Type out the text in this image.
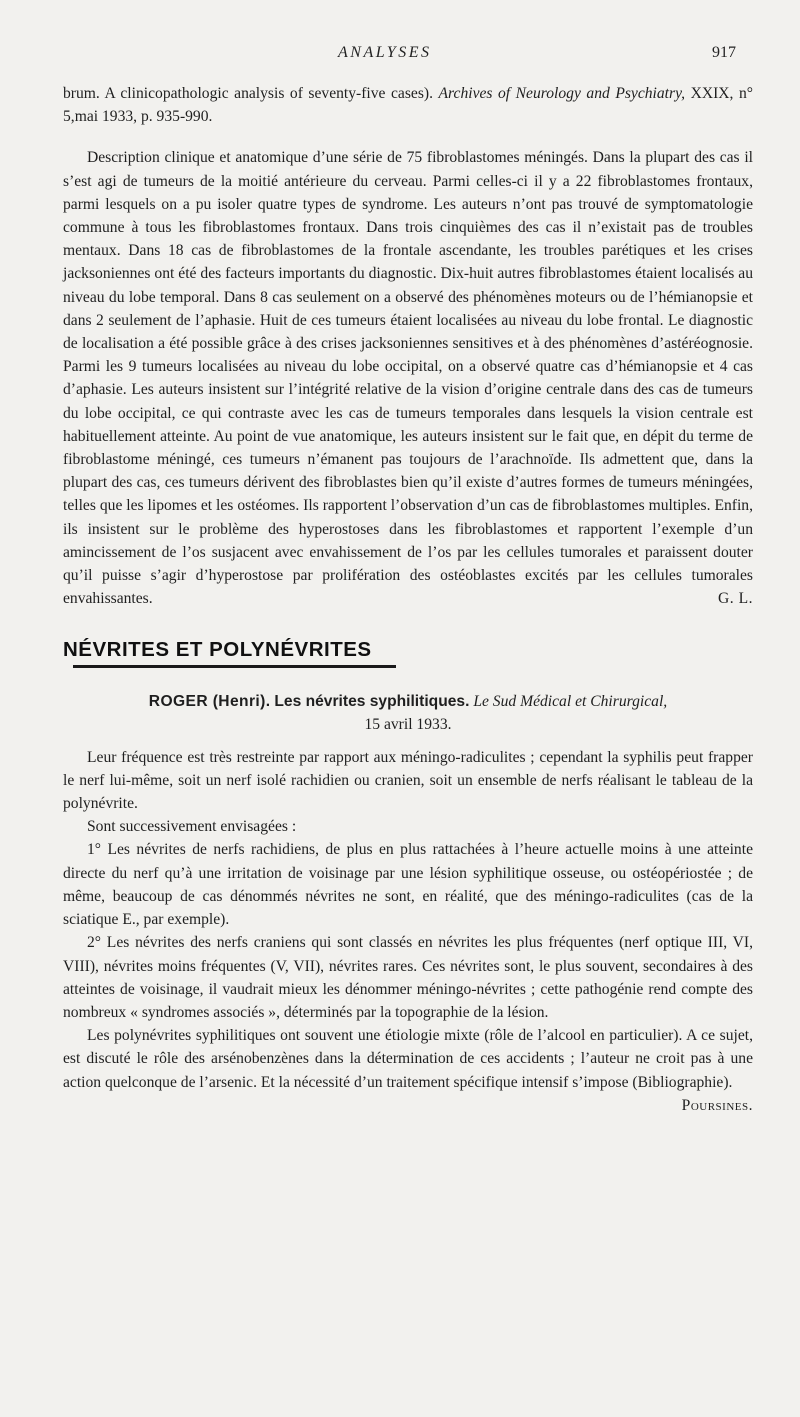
ANALYSES	917

brum. A clinicopathologic analysis of seventy-five cases). Archives of Neurology and Psychiatry, XXIX, n° 5,mai 1933, p. 935-990.

Description clinique et anatomique d’une série de 75 fibroblastomes méningés. Dans la plupart des cas il s’est agi de tumeurs de la moitié antérieure du cerveau. Parmi celles-ci il y a 22 fibroblastomes frontaux, parmi lesquels on a pu isoler quatre types de syndrome. Les auteurs n’ont pas trouvé de symptomatologie commune à tous les fibroblastomes frontaux. Dans trois cinquièmes des cas il n’existait pas de troubles mentaux. Dans 18 cas de fibroblastomes de la frontale ascendante, les troubles parétiques et les crises jacksoniennes ont été des facteurs importants du diagnostic. Dix-huit autres fibroblastomes étaient localisés au niveau du lobe temporal. Dans 8 cas seulement on a observé des phénomènes moteurs ou de l’hémianopsie et dans 2 seulement de l’aphasie. Huit de ces tumeurs étaient localisées au niveau du lobe frontal. Le diagnostic de localisation a été possible grâce à des crises jacksoniennes sensitives et à des phénomènes d’astéréognosie. Parmi les 9 tumeurs localisées au niveau du lobe occipital, on a observé quatre cas d’hémianopsie et 4 cas d’aphasie. Les auteurs insistent sur l’intégrité relative de la vision d’origine centrale dans des cas de tumeurs du lobe occipital, ce qui contraste avec les cas de tumeurs temporales dans lesquels la vision centrale est habituellement atteinte. Au point de vue anatomique, les auteurs insistent sur le fait que, en dépit du terme de fibroblastome méningé, ces tumeurs n’émanent pas toujours de l’arachnoïde. Ils admettent que, dans la plupart des cas, ces tumeurs dérivent des fibroblastes bien qu’il existe d’autres formes de tumeurs méningées, telles que les lipomes et les ostéomes. Ils rapportent l’observation d’un cas de fibroblastomes multiples. Enfin, ils insistent sur le problème des hyperostoses dans les fibroblastomes et rapportent l’exemple d’un amincissement de l’os susjacent avec envahissement de l’os par les cellules tumorales et paraissent douter qu’il puisse s’agir d’hyperostose par prolifération des ostéoblastes excités par les cellules tumorales envahissantes.	G. L.

NÉVRITES ET POLYNÉVRITES
ROGER (Henri). Les névrites syphilitiques. Le Sud Médical et Chirurgical,
15 avril 1933.

Leur fréquence est très restreinte par rapport aux méningo-radiculites ; cependant la syphilis peut frapper le nerf lui-même, soit un nerf isolé rachidien ou cranien, soit un ensemble de nerfs réalisant le tableau de la polynévrite.

Sont successivement envisagées :

1° Les névrites de nerfs rachidiens, de plus en plus rattachées à l’heure actuelle moins à une atteinte directe du nerf qu’à une irritation de voisinage par une lésion syphilitique osseuse, ou ostéopériostée ; de même, beaucoup de cas dénommés névrites ne sont, en réalité, que des méningo-radiculites (cas de la sciatique E., par exemple).

2° Les névrites des nerfs craniens qui sont classés en névrites les plus fréquentes (nerf optique III, VI, VIII), névrites moins fréquentes (V, VII), névrites rares. Ces névrites sont, le plus souvent, secondaires à des atteintes de voisinage, il vaudrait mieux les dénommer méningo-névrites ; cette pathogénie rend compte des nombreux « syndromes associés », déterminés par la topographie de la lésion.

Les polynévrites syphilitiques ont souvent une étiologie mixte (rôle de l’alcool en particulier). A ce sujet, est discuté le rôle des arsénobenzènes dans la détermination de ces accidents ; l’auteur ne croit pas à une action quelconque de l’arsenic. Et la nécessité d’un traitement spécifique intensif s’impose (Bibliographie).
Poursines.
